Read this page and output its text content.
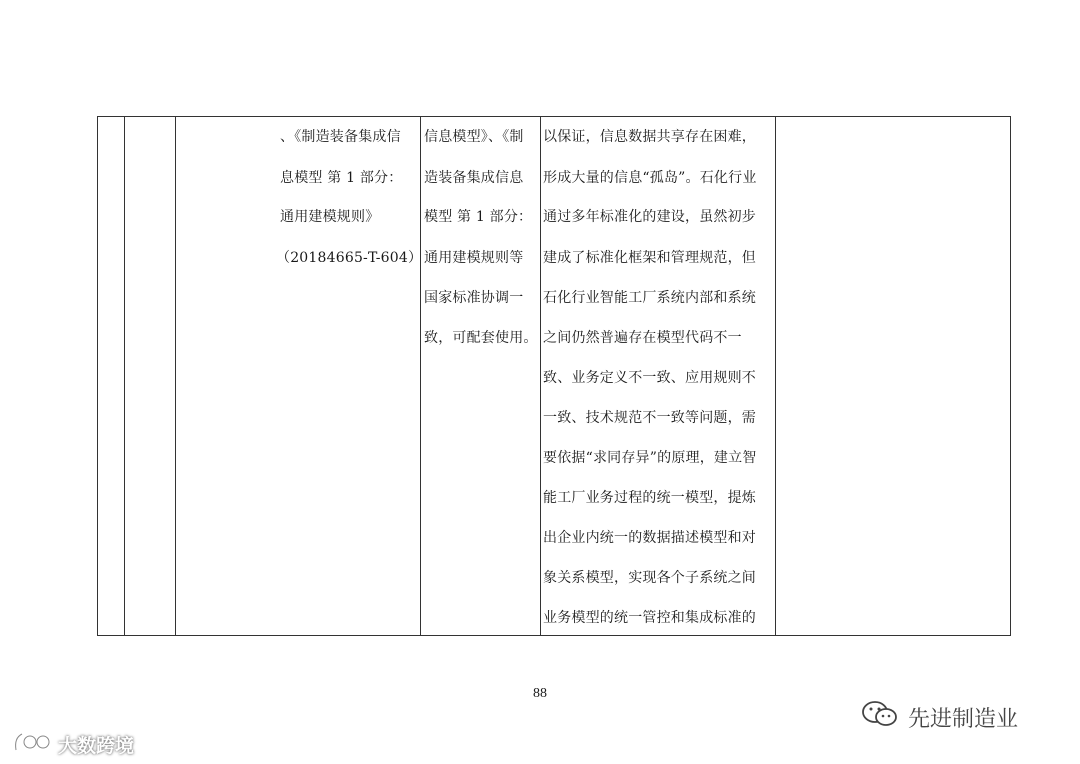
、《制造装备集成信
息模型 第 1 部分：
通用建模规则》
（20184665-T-604）
信息模型》、《制
造装备集成信息
模型 第 1 部分：
通用建模规则等
国家标准协调一
致，可配套使用。
以保证，信息数据共享存在困难，
形成大量的信息“孤岛”。石化行业
通过多年标准化的建设，虽然初步
建成了标准化框架和管理规范，但
石化行业智能工厂系统内部和系统
之间仍然普遍存在模型代码不一
致、业务定义不一致、应用规则不
一致、技术规范不一致等问题，需
要依据“求同存异”的原理，建立智
能工厂业务过程的统一模型，提炼
出企业内统一的数据描述模型和对
象关系模型，实现各个子系统之间
业务模型的统一管控和集成标准的
88
大数跨境
先进制造业
